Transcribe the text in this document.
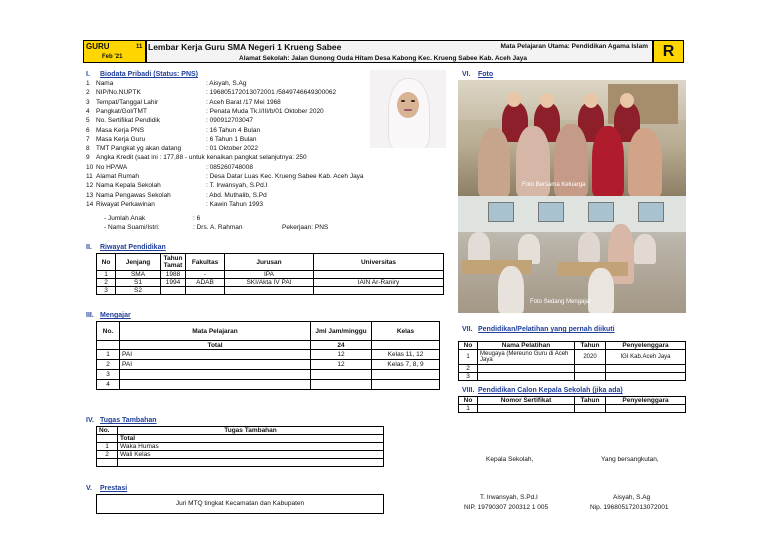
GURU	11
Feb '21
Lembar Kerja Guru SMA Negeri 1 Krueng Sabee	Mata Pelajaran Utama: Pendidikan Agama Islam
Alamat Sekolah: Jalan Gunong Ouda Hitam Desa Kabong Kec. Krueng Sabee Kab. Aceh Jaya	R
I. Biodata Pribadi (Status: PNS)
1 Nama	: Aisyah, S.Ag
2 NIP/No.NUPTK	: 196805172013072001 /5849746649300062
3 Tempat/Tanggal Lahir	: Aceh Barat /17 Mei 1968
4 Pangkat/Gol/TMT	: Penata Muda Tk.I/III/b/01 Oktober 2020
5 No. Sertifikat Pendidik	: 090912703047
6 Masa Kerja PNS	: 16 Tahun 4 Bulan
7 Masa Kerja Guru	: 6 Tahun 1 Bulan
8 TMT Pangkat yg akan datang	: 01 Oktober 2022
9 Angka Kredit (saat ini : 177,88 - untuk kenaikan pangkat selanjutnya: 250
10 No HP/WA	: 085260748008
11 Alamat Rumah	: Desa Datar Luas Kec. Krueng Sabee Kab. Aceh Jaya
12 Nama Kepala Sekolah	: T. Irwansyah, S.Pd.I
13 Nama Pengawas Sekolah	: Abd. Muthalib, S.Pd
14 Riwayat Perkawinan	: Kawin Tahun 1993
- Jumlah Anak	: 6
- Nama Suami/Istri:	: Drs. A. Rahman	Pekerjaan: PNS
II. Riwayat Pendidikan
No	Jenjang	Tahun Tamat	Fakultas	Jurusan	Universitas
1	SMA	1988	-	IPA	
2	S1	1994	ADAB	SKI/Akta IV PAI	IAIN Ar-Raniry
3	S2				
III. Mengajar
No.	Mata Pelajaran	Jml Jam/minggu	Kelas
	Total	24	
1	PAI	12	Kelas 11, 12
2	PAI	12	Kelas 7, 8, 9
3			
4			
IV. Tugas Tambahan
No.	Tugas Tambahan
	Total
1	Waka Humas
2	Wali Kelas

V. Prestasi
Juri MTQ tingkat Kecamatan dan Kabupaten
VI. Foto
Foto Bersama Keluarga
Foto Sedang Mengajar
VII. Pendidikan/Pelatihan yang pernah diikuti
No	Nama Pelatihan	Tahun	Penyelenggara
1	Meugaya (Mereuno Guru di Aceh Jaya	2020	IGI Kab.Aceh Jaya
2			
3			
VIII. Pendidikan Calon Kepala Sekolah (jika ada)
No	Nomor Sertifikat	Tahun	Penyelenggara
1			
Kepala Sekolah,	Yang bersangkutan,
T. Irwansyah, S.Pd.I
NIP. 19790307 200312 1 005
Aisyah, S.Ag
Nip. 196805172013072001
